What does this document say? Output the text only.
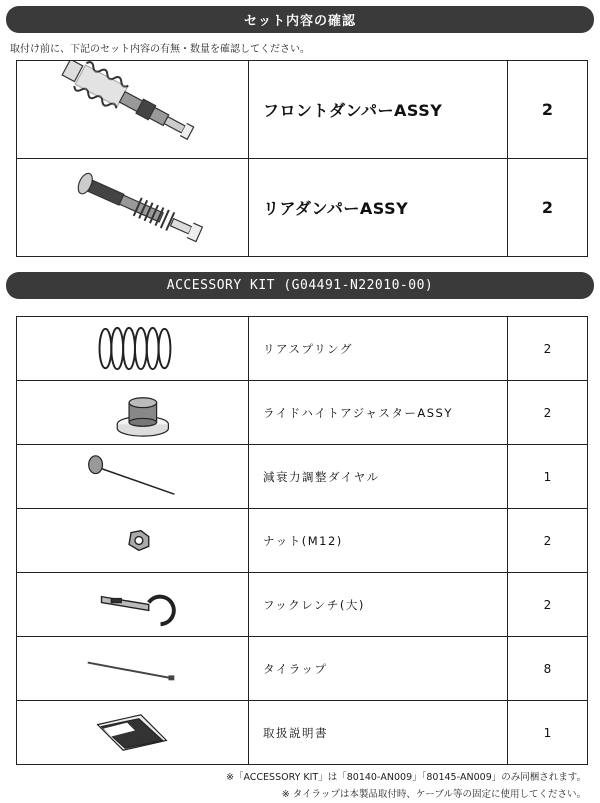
セット内容の確認
取付け前に、下記のセット内容の有無・数量を確認してください。
	フロントダンパーASSY	2

	リアダンパーASSY	2
ACCESSORY KIT (G04491-N22010-00)
	リアスプリング	2

	ライドハイトアジャスターASSY	2

	減衰力調整ダイヤル	1

	ナット(M12)	2

	フックレンチ(大)	2

	タイラップ	8

	取扱説明書	1
※「ACCESSORY KIT」は「80140-AN009」「80145-AN009」のみ同梱されます。
※ タイラップは本製品取付時、ケーブル等の固定に使用してください。
